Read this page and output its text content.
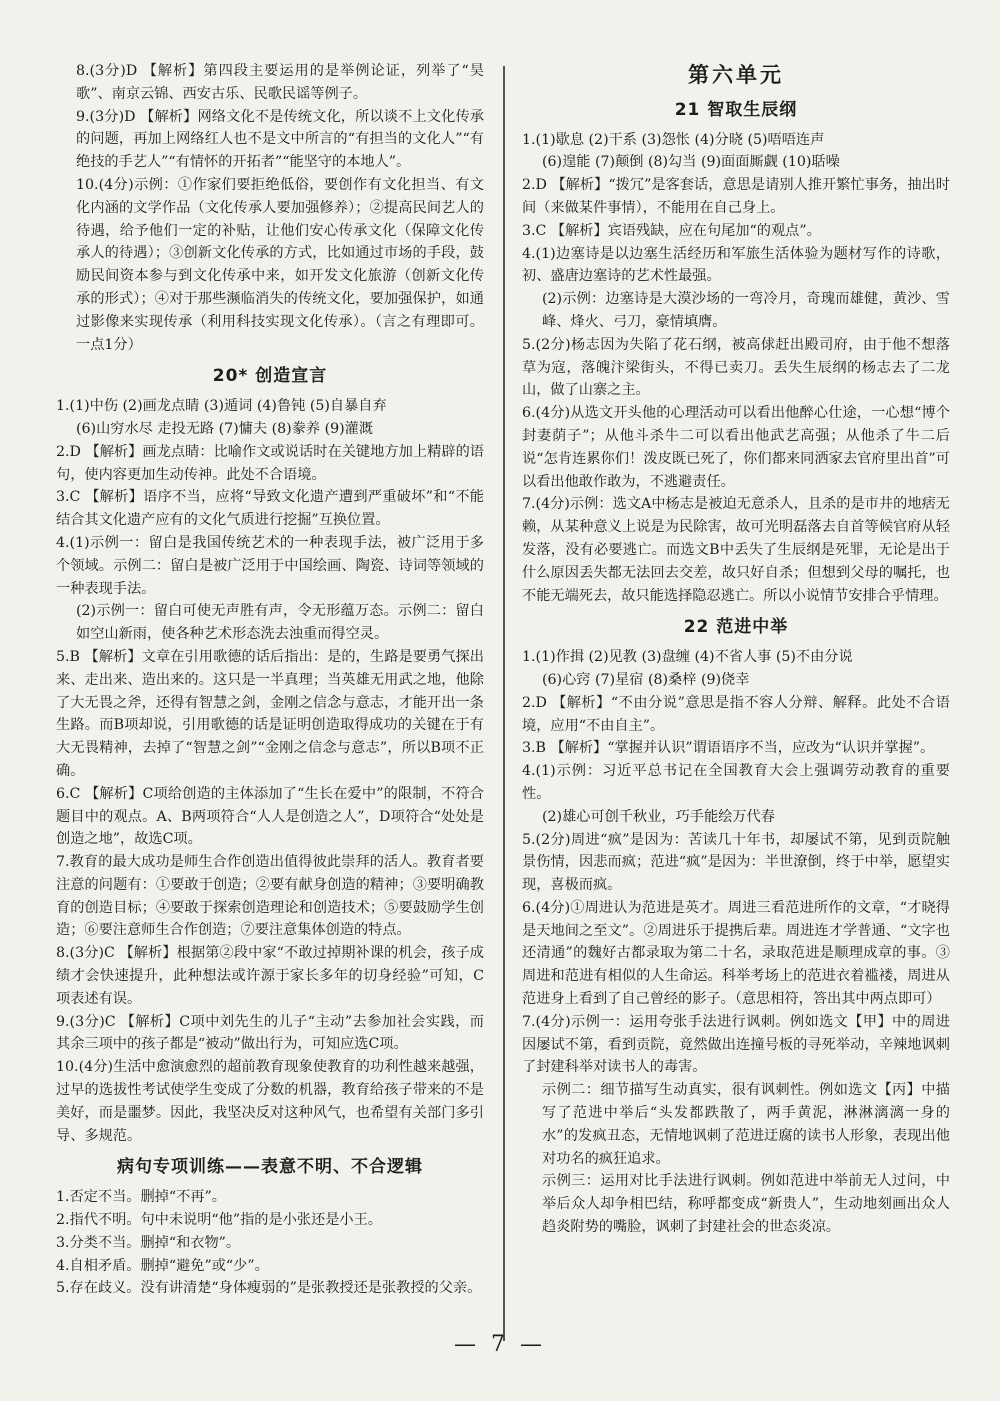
8.(3分)D 【解析】第四段主要运用的是举例论证，列举了“昊歌”、南京云锦、西安古乐、民歌民谣等例子。

9.(3分)D 【解析】网络文化不是传统文化，所以谈不上文化传承的问题，再加上网络红人也不是文中所言的“有担当的文化人”“有绝技的手艺人”“有情怀的开拓者”“能坚守的本地人”。

10.(4分)示例：①作家们要拒绝低俗，要创作有文化担当、有文化内涵的文学作品（文化传承人要加强修养）；②提高民间艺人的待遇，给予他们一定的补贴，让他们安心传承文化（保障文化传承人的待遇）；③创新文化传承的方式，比如通过市场的手段，鼓励民间资本参与到文化传承中来，如开发文化旅游（创新文化传承的形式）；④对于那些濒临消失的传统文化，要加强保护，如通过影像来实现传承（利用科技实现文化传承）。（言之有理即可。一点1分）

20* 创造宣言

1.(1)中伤 (2)画龙点睛 (3)遁词 (4)鲁钝 (5)自暴自弃

(6)山穷水尽 走投无路 (7)慵夫 (8)豢养 (9)灌溉

2.D 【解析】画龙点睛：比喻作文或说话时在关键地方加上精辟的语句，使内容更加生动传神。此处不合语境。

3.C 【解析】语序不当，应将“导致文化遗产遭到严重破坏”和“不能结合其文化遗产应有的文化气质进行挖掘”互换位置。

4.(1)示例一：留白是我国传统艺术的一种表现手法，被广泛用于多个领域。示例二：留白是被广泛用于中国绘画、陶瓷、诗词等领域的一种表现手法。

(2)示例一：留白可使无声胜有声，令无形蕴万态。示例二：留白如空山新雨，使各种艺术形态洗去浊重而得空灵。

5.B 【解析】文章在引用歌德的话后指出：是的，生路是要勇气探出来、走出来、造出来的。这只是一半真理；当英雄无用武之地，他除了大无畏之斧，还得有智慧之剑，金刚之信念与意志，才能开出一条生路。而B项却说，引用歌德的话是证明创造取得成功的关键在于有大无畏精神，去掉了“智慧之剑”“金刚之信念与意志”，所以B项不正确。

6.C 【解析】C项给创造的主体添加了“生长在爱中”的限制，不符合题目中的观点。A、B两项符合“人人是创造之人”，D项符合“处处是创造之地”，故选C项。

7.教育的最大成功是师生合作创造出值得彼此崇拜的活人。教育者要注意的问题有：①要敢于创造；②要有献身创造的精神；③要明确教育的创造目标；④要敢于探索创造理论和创造技术；⑤要鼓励学生创造；⑥要注意师生合作创造；⑦要注意集体创造的特点。

8.(3分)C 【解析】根据第②段中家“不敢过掉期补课的机会，孩子成绩才会快速提升，此种想法或许源于家长多年的切身经验”可知，C项表述有误。

9.(3分)C 【解析】C项中刘先生的儿子“主动”去参加社会实践，而其余三项中的孩子都是“被动”做出行为，可知应选C项。

10.(4分)生活中愈演愈烈的超前教育现象使教育的功利性越来越强，过早的选拔性考试使学生变成了分数的机器，教育给孩子带来的不是美好，而是噩梦。因此，我坚决反对这种风气，也希望有关部门多引导、多规范。

病句专项训练——表意不明、不合逻辑

1.否定不当。删掉“不再”。

2.指代不明。句中未说明“他”指的是小张还是小王。

3.分类不当。删掉“和衣物”。

4.自相矛盾。删掉“避免”或“少”。

5.存在歧义。没有讲清楚“身体瘦弱的”是张教授还是张教授的父亲。

第六单元
21 智取生辰纲

1.(1)歇息 (2)干系 (3)怨怅 (4)分晓 (5)唔唔连声

(6)遑能 (7)颠倒 (8)勾当 (9)面面厮觑 (10)聒噪

2.D 【解析】“拨冗”是客套话，意思是请别人推开繁忙事务，抽出时间（来做某件事情），不能用在自己身上。

3.C 【解析】宾语残缺，应在句尾加“的观点”。

4.(1)边塞诗是以边塞生活经历和军旅生活体验为题材写作的诗歌，初、盛唐边塞诗的艺术性最强。

(2)示例：边塞诗是大漠沙场的一弯冷月，奇瑰而雄健，黄沙、雪峰、烽火、弓刀，豪情填膺。

5.(2分)杨志因为失陷了花石纲，被高俅赶出殿司府，由于他不想落草为寇，落魄汴梁街头，不得已卖刀。丢失生辰纲的杨志去了二龙山，做了山寨之主。

6.(4分)从选文开头他的心理活动可以看出他醉心仕途，一心想“博个封妻荫子”；从他斗杀牛二可以看出他武艺高强；从他杀了牛二后说“怎肯连累你们！泼皮既已死了，你们都来同洒家去官府里出首”可以看出他敢作敢为，不逃避责任。

7.(4分)示例：选文A中杨志是被迫无意杀人，且杀的是市井的地痞无赖，从某种意义上说是为民除害，故可光明磊落去自首等候官府从轻发落，没有必要逃亡。而选文B中丢失了生辰纲是死罪，无论是出于什么原因丢失都无法回去交差，故只好自杀；但想到父母的嘱托，也不能无端死去，故只能选择隐忍逃亡。所以小说情节安排合乎情理。

22 范进中举

1.(1)作揖 (2)见教 (3)盘缠 (4)不省人事 (5)不由分说

(6)心窍 (7)星宿 (8)桑梓 (9)侥幸

2.D 【解析】“不由分说”意思是指不容人分辩、解释。此处不合语境，应用“不由自主”。

3.B 【解析】“掌握并认识”谓语语序不当，应改为“认识并掌握”。

4.(1)示例：习近平总书记在全国教育大会上强调劳动教育的重要性。

(2)雄心可创千秋业，巧手能绘万代春

5.(2分)周进“疯”是因为：苦读几十年书，却屡试不第，见到贡院触景伤情，因悲而疯；范进“疯”是因为：半世潦倒，终于中举，愿望实现，喜极而疯。

6.(4分)①周进认为范进是英才。周进三看范进所作的文章，“才晓得是天地间之至文”。②周进乐于提携后辈。周进连才学普通、“文字也还清通”的魏好古都录取为第二十名，录取范进是顺理成章的事。③周进和范进有相似的人生命运。科举考场上的范进衣着褴褛，周进从范进身上看到了自己曾经的影子。（意思相符，答出其中两点即可）

7.(4分)示例一：运用夸张手法进行讽刺。例如选文【甲】中的周进因屡试不第，看到贡院，竟然做出连撞号板的寻死举动，辛辣地讽刺了封建科举对读书人的毒害。

示例二：细节描写生动真实，很有讽刺性。例如选文【丙】中描写了范进中举后“头发都跌散了，两手黄泥，淋淋漓漓一身的水”的发疯丑态，无情地讽刺了范进迂腐的读书人形象，表现出他对功名的疯狂追求。

示例三：运用对比手法进行讽刺。例如范进中举前无人过问，中举后众人却争相巴结，称呼都变成“新贵人”，生动地刻画出众人趋炎附势的嘴脸，讽刺了封建社会的世态炎凉。

— 7 —
